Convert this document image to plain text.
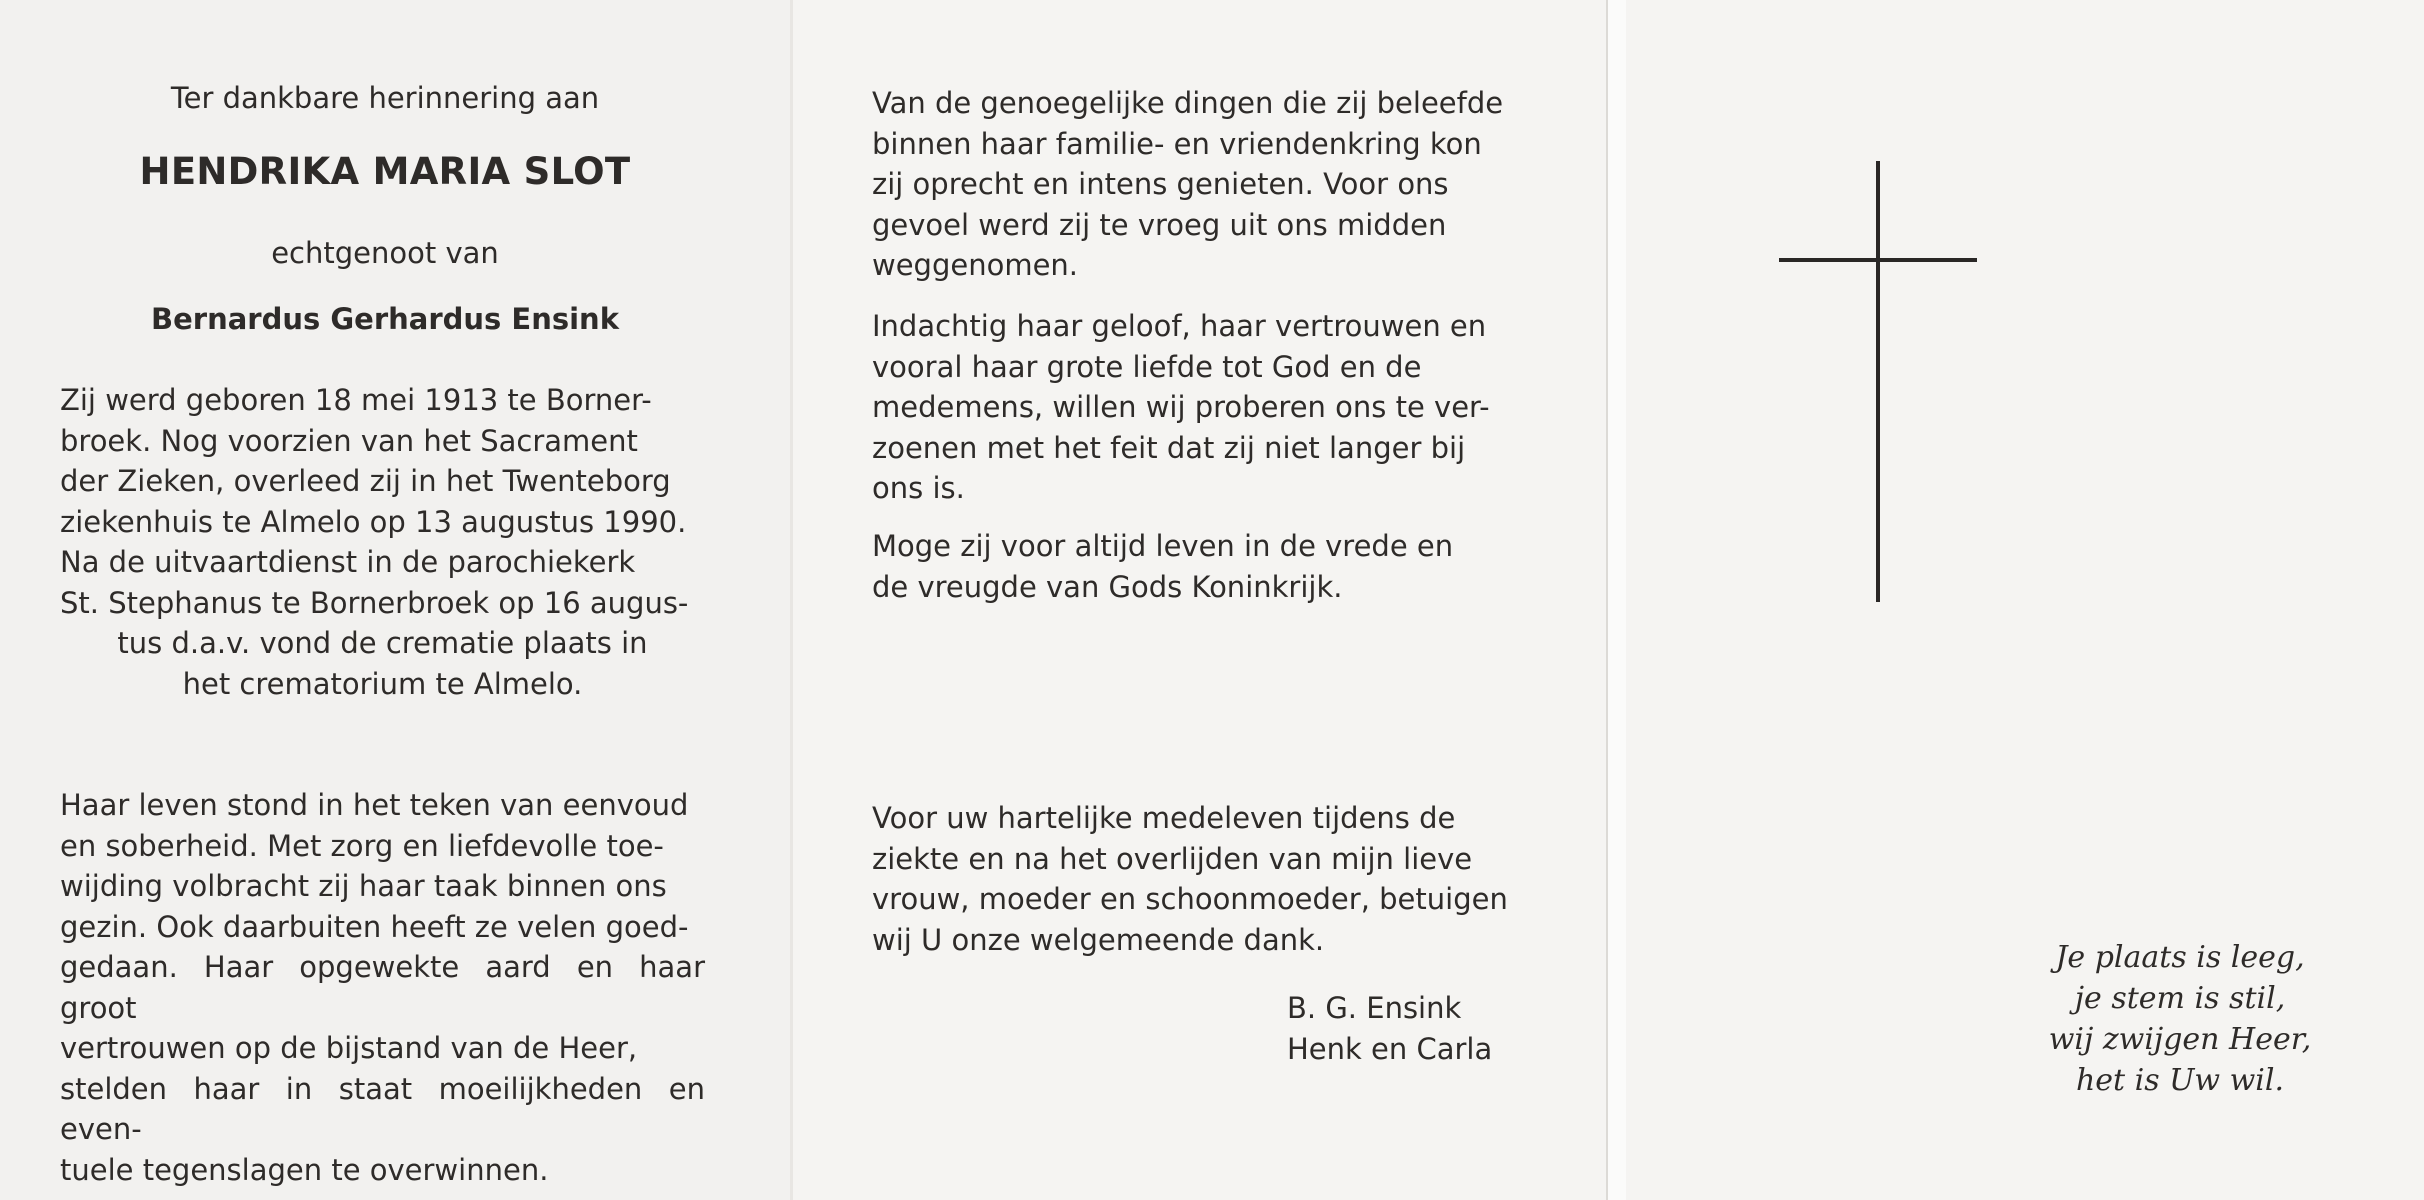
Ter dankbare herinnering aan
HENDRIKA MARIA SLOT
echtgenoot van
Bernardus Gerhardus Ensink
Zij werd geboren 18 mei 1913 te Borner-
broek. Nog voorzien van het Sacrament
der Zieken, overleed zij in het Twenteborg
ziekenhuis te Almelo op 13 augustus 1990.
Na de uitvaartdienst in de parochiekerk
St. Stephanus te Bornerbroek op 16 augus-
tus d.a.v. vond de crematie plaats in
het crematorium te Almelo.
Haar leven stond in het teken van eenvoud
en soberheid. Met zorg en liefdevolle toe-
wijding volbracht zij haar taak binnen ons
gezin. Ook daarbuiten heeft ze velen goed-
gedaan. Haar opgewekte aard en haar groot
vertrouwen op de bijstand van de Heer,
stelden haar in staat moeilijkheden en even-
tuele tegenslagen te overwinnen.
Van de genoegelijke dingen die zij beleefde
binnen haar familie- en vriendenkring kon
zij oprecht en intens genieten. Voor ons
gevoel werd zij te vroeg uit ons midden
weggenomen.
Indachtig haar geloof, haar vertrouwen en
vooral haar grote liefde tot God en de
medemens, willen wij proberen ons te ver-
zoenen met het feit dat zij niet langer bij
ons is.
Moge zij voor altijd leven in de vrede en
de vreugde van Gods Koninkrijk.
Voor uw hartelijke medeleven tijdens de
ziekte en na het overlijden van mijn lieve
vrouw, moeder en schoonmoeder, betuigen
wij U onze welgemeende dank.
B. G. Ensink
Henk en Carla
Je plaats is leeg,
je stem is stil,
wij zwijgen Heer,
het is Uw wil.
